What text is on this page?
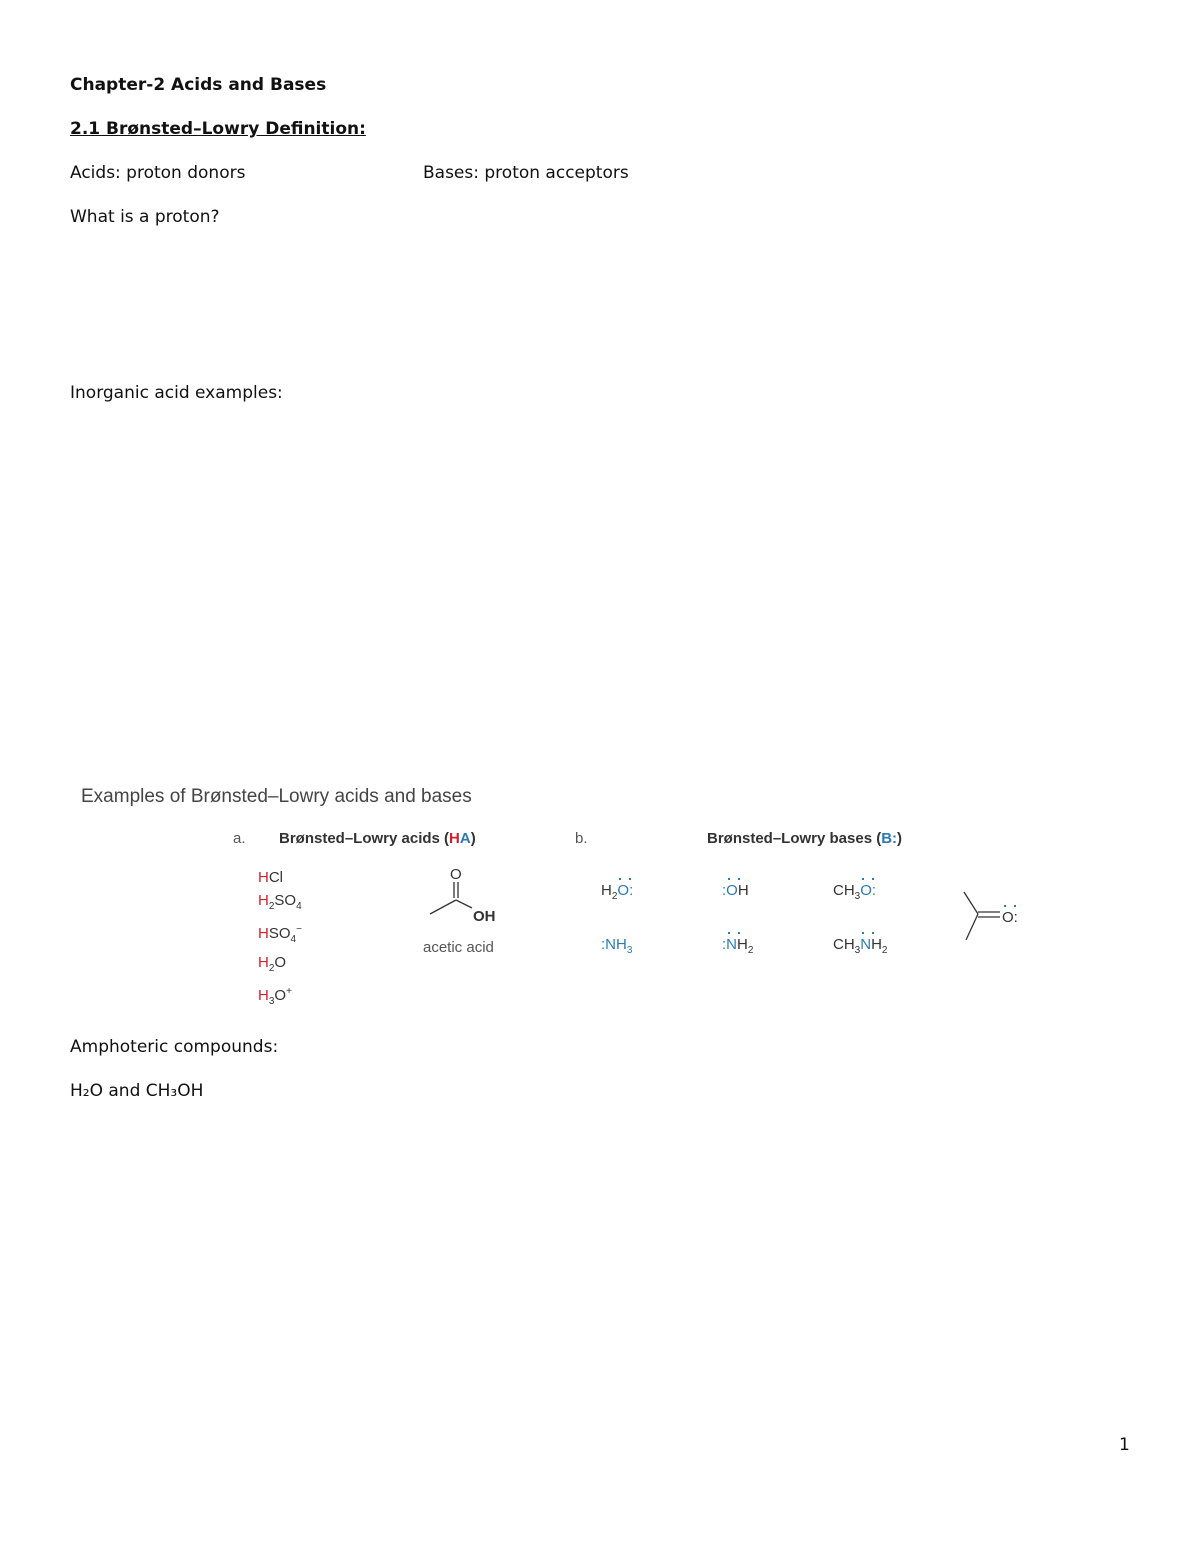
Chapter-2 Acids and Bases
2.1 Brønsted–Lowry Definition:
Acids: proton donors	Bases: proton acceptors
What is a proton?
Inorganic acid examples:
Examples of Brønsted–Lowry acids and bases
a. Brønsted–Lowry acids (HA)	b.	Brønsted–Lowry bases (B:)
HCl
$H_2SO_4$
$HSO_4^-$
$H_2O$
$H_3O^+$
O
OH
acetic acid
$H_2O$:
$:NH_3$
:OH
$:NH_2$
$CH_3O$:
$CH_3NH_2$
O:
Amphoteric compounds:
H₂O and CH₃OH
1
